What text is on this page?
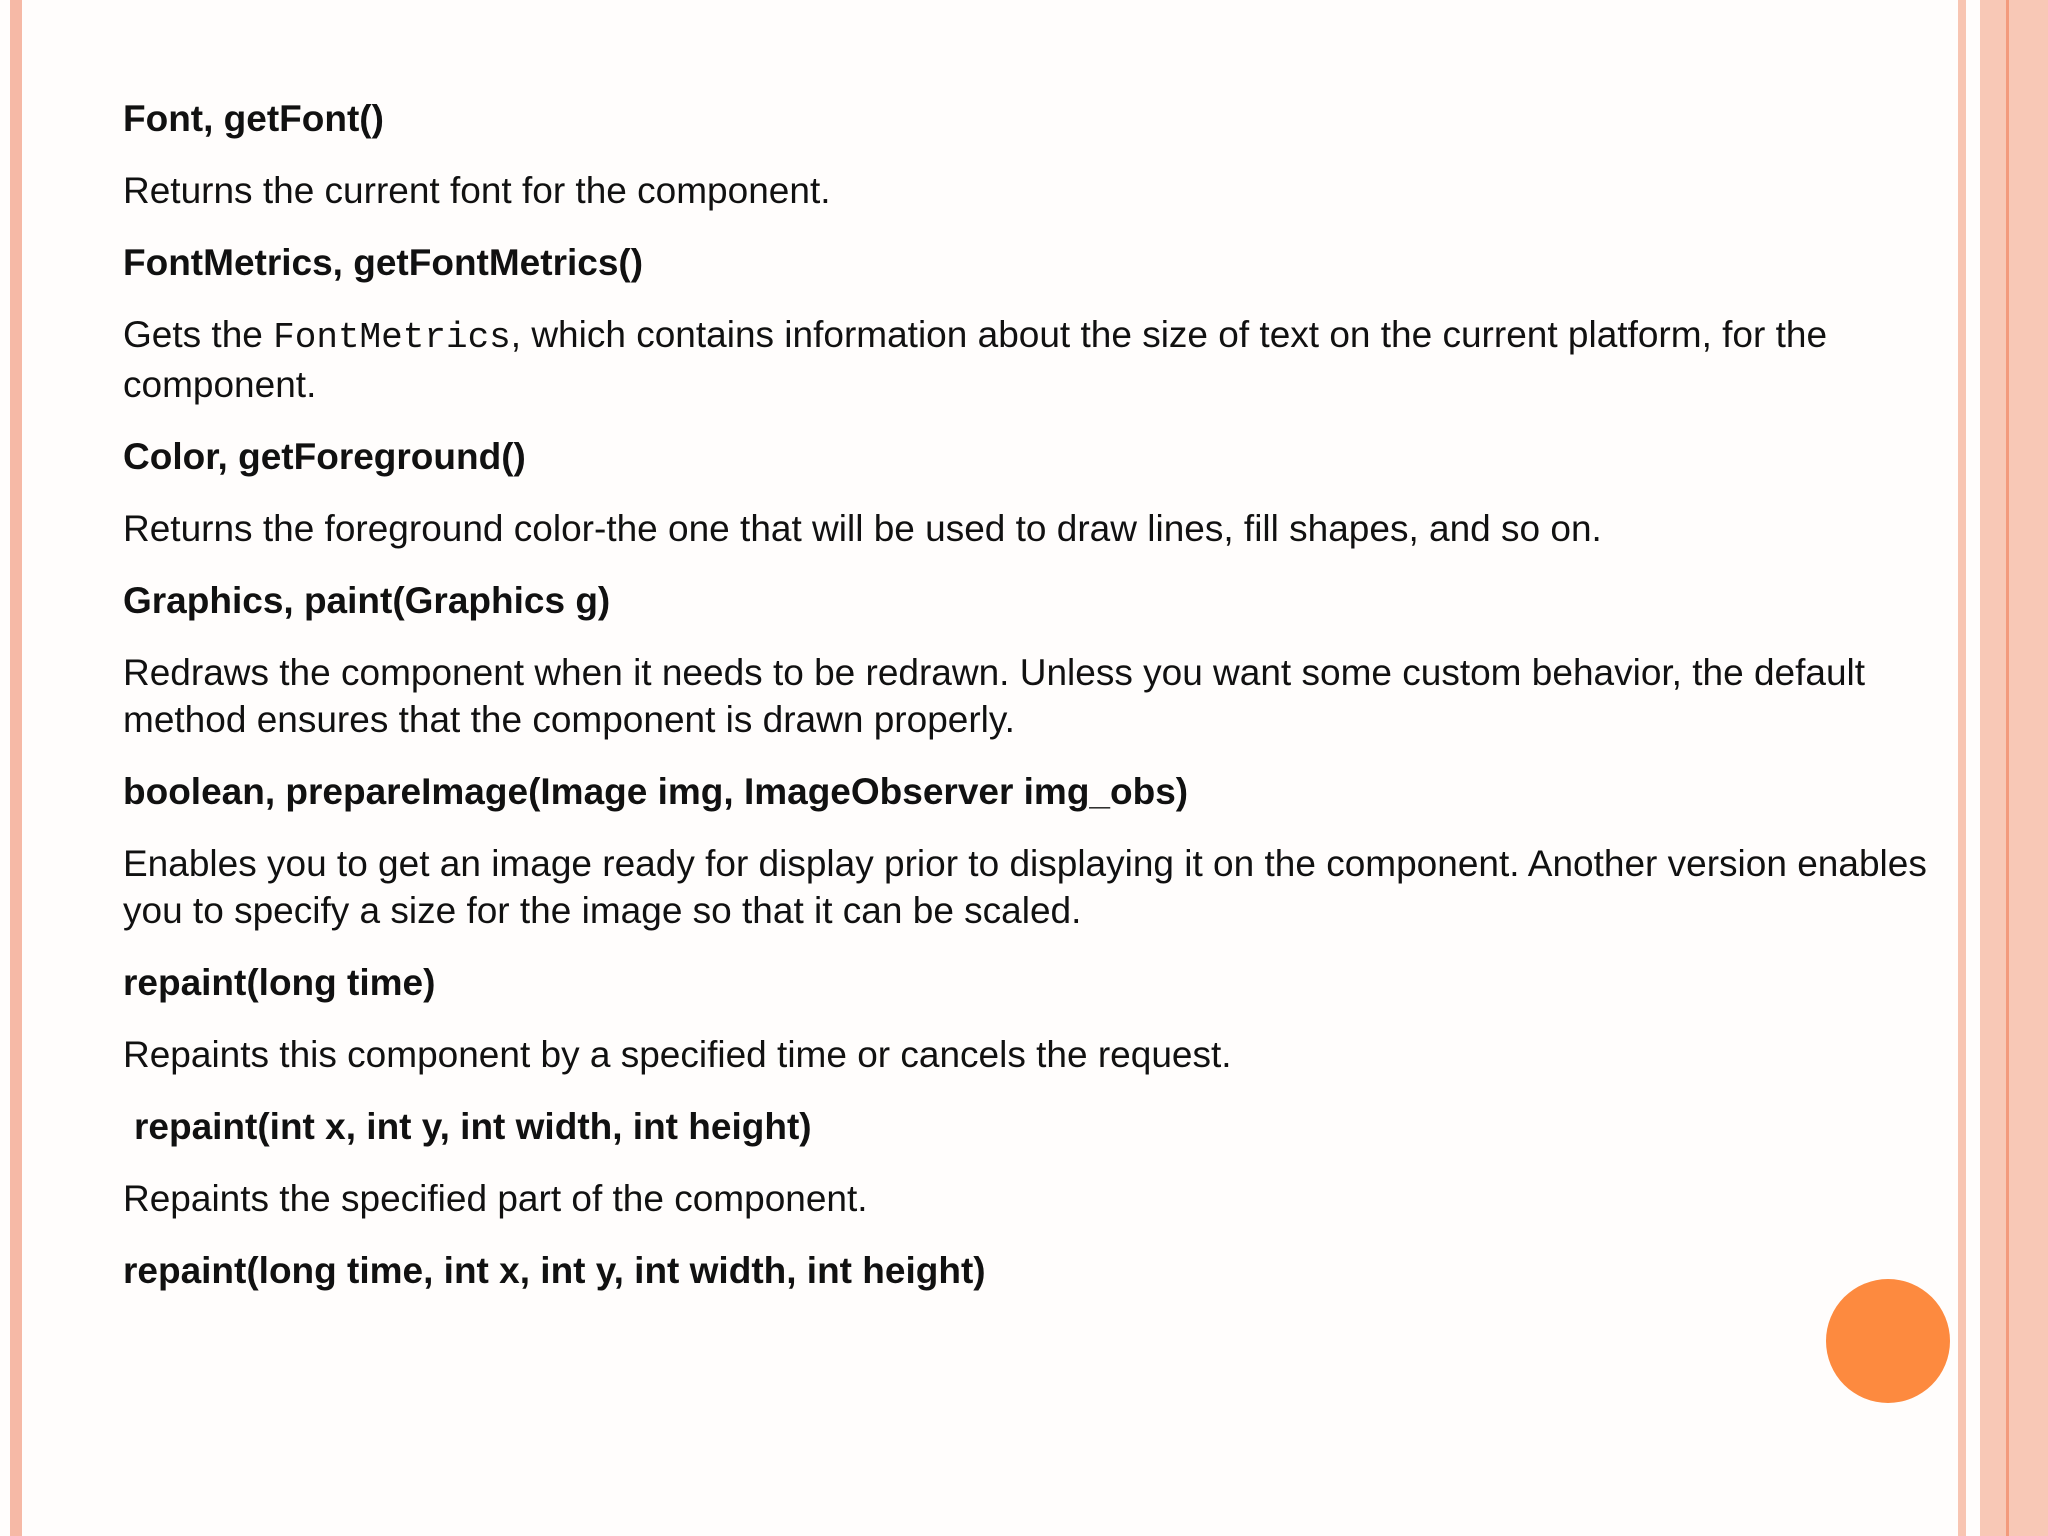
Font, getFont()
Returns the current font for the component.
FontMetrics, getFontMetrics()
Gets the FontMetrics, which contains information about the size of text on the current platform, for the component.
Color, getForeground()
Returns the foreground color-the one that will be used to draw lines, fill shapes, and so on.
Graphics, paint(Graphics g)
Redraws the component when it needs to be redrawn. Unless you want some custom behavior, the default method ensures that the component is drawn properly.
boolean, prepareImage(Image img, ImageObserver img_obs)
Enables you to get an image ready for display prior to displaying it on the component. Another version enables you to specify a size for the image so that it can be scaled.
repaint(long time)
Repaints this component by a specified time or cancels the request.
repaint(int x, int y, int width, int height)
Repaints the specified part of the component.
repaint(long time, int x, int y, int width, int height)
